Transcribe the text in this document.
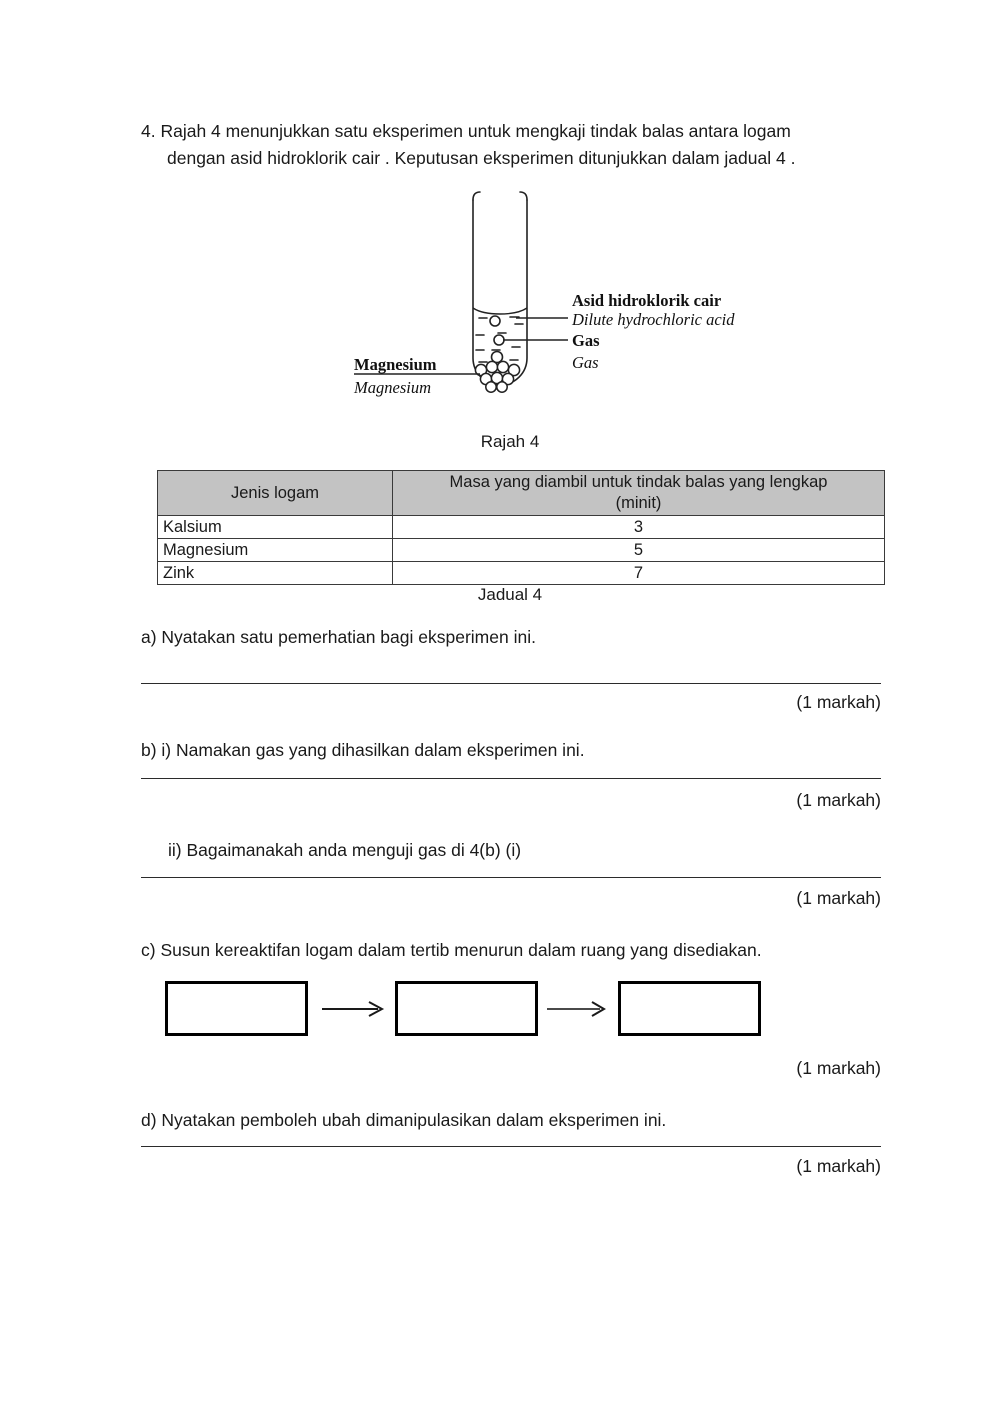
4. Rajah 4 menunjukkan satu eksperimen untuk mengkaji tindak balas antara logam
dengan asid hidroklorik cair . Keputusan eksperimen ditunjukkan dalam jadual 4 .
Asid hidroklorik cair
Dilute hydrochloric acid
Gas
Gas
Magnesium
Magnesium
Rajah 4
Jenis logam	Masa yang diambil untuk tindak balas yang lengkap
(minit)
Kalsium	3
Magnesium	5
Zink	7
Jadual 4
a) Nyatakan satu pemerhatian bagi eksperimen ini.
(1 markah)
b) i) Namakan gas yang dihasilkan dalam eksperimen ini.
(1 markah)
ii) Bagaimanakah anda menguji gas di 4(b) (i)
(1 markah)
c) Susun kereaktifan logam dalam tertib menurun dalam ruang yang disediakan.
(1 markah)
d) Nyatakan pemboleh ubah dimanipulasikan dalam eksperimen ini.
(1 markah)
